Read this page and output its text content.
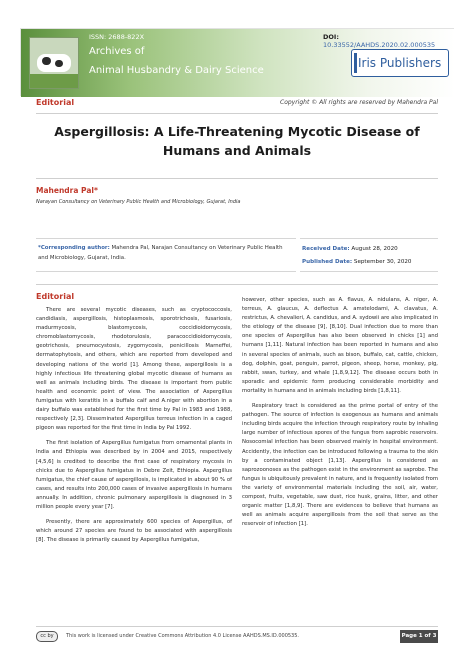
ISSN: 2688-822X
Archives of
Animal Husbandry & Dairy Science
DOI: 10.33552/AAHDS.2020.02.000535
Iris Publishers
Editorial	Copyright © All rights are reserved by Mahendra Pal
Aspergillosis: A Life-Threatening Mycotic Disease of
Humans and Animals
Mahendra Pal*
Narayan Consultancy on Veterinary Public Health and Microbiology, Gujarat, India
*Corresponding author: Mahendra Pal, Narajan Consultancy on Veterinary Public Health and Microbiology, Gujarat, India.
Received Date: August 28, 2020
Published Date: September 30, 2020
Editorial

There are several mycotic diseases, such as cryptococcosis, candidiasis, aspergillosis, histoplasmosis, sporotrichosis, fusariosis, madurmycosis, blastomycosis, coccidioidomycosis, chromoblastomycosis, rhodotorulosis, paracoccidioidomycosis, geotrichosis, pneumocystosis, zygomycosis, penicillosis Marneffei, dermatophytosis, and others, which are reported from developed and developing nations of the world [1]. Among these, aspergillosis is a highly infectious life threatening global mycotic disease of humans as well as animals including birds. The disease is important from public health and economic point of view. The association of Aspergillus fumigatus with keratitis in a buffalo calf and A.niger with abortion in a dairy buffalo was established for the first time by Pal in 1983 and 1988, respectively [2,3]. Disseminated Aspergillus terreus infection in a caged pigeon was reported for the first time in India by Pal 1992.

The first isolation of Aspergillus fumigatus from ornamental plants in India and Ethiopia was described by in 2004 and 2015, respectively [4,5,6] is credited to describe the first case of respiratory mycosis in chicks due to Aspergillus fumigatus in Debre Zeit, Ethiopia. Aspergillus fumigatus, the chief cause of aspergillosis, is implicated in about 90 % of cases, and results into 200,000 cases of invasive aspergillosis in humans annually. In addition, chronic pulmonary aspergillosis is diagnosed in 3 million people every year [7].

Presently, there are approximately 600 species of Aspergillus, of which around 27 species are found to be associated with aspergillosis [8]. The disease is primarily caused by Aspergillus fumigatus,

however, other species, such as A. flavus, A. nidulans, A. niger, A. terreus, A. glaucus, A. deflectus A. amstelodami, A. clavatus, A. restrictus, A. chevalieri, A. candidus, and A. sydowii are also implicated in the etiology of the disease [9], [8,10]. Dual infection due to more than one species of Aspergillus has also been observed in chicks [1] and humans [1,11]. Natural infection has been reported in humans and also in several species of animals, such as bison, buffalo, cat, cattle, chicken, dog, dolphin, goat, penguin, parrot, pigeon, sheep, horse, monkey, pig, rabbit, swan, turkey, and whale [1,8,9,12]. The disease occurs both in sporadic and epidemic form producing considerable morbidity and mortality in humans and in animals including birds [1,8,11].

Respiratory tract is considered as the prime portal of entry of the pathogen. The source of infection is exogenous as humans and animals including birds acquire the infection through respiratory route by inhaling large number of infectious spores of the fungus from saprobic reservoirs. Nosocomial infection has been observed mainly in hospital environment. Accidently, the infection can be introduced following a trauma to the skin by a contaminated object [1,13]. Aspergillus is considered as saprozoonoses as the pathogen exist in the environment as saprobe. The fungus is ubiquitously prevalent in nature, and is frequently isolated from the variety of environmental materials including the soil, air, water, compost, fruits, vegetable, saw dust, rice husk, grains, litter, and other organic matter [1,8,9]. There are evidences to believe that humans as well as animals acquire aspergillosis from the soil that serve as the reservoir of infection [1].

cc by	This work is licensed under Creative Commons Attribution 4.0 License AAHDS.MS.ID.000535.	Page 1 of 3
